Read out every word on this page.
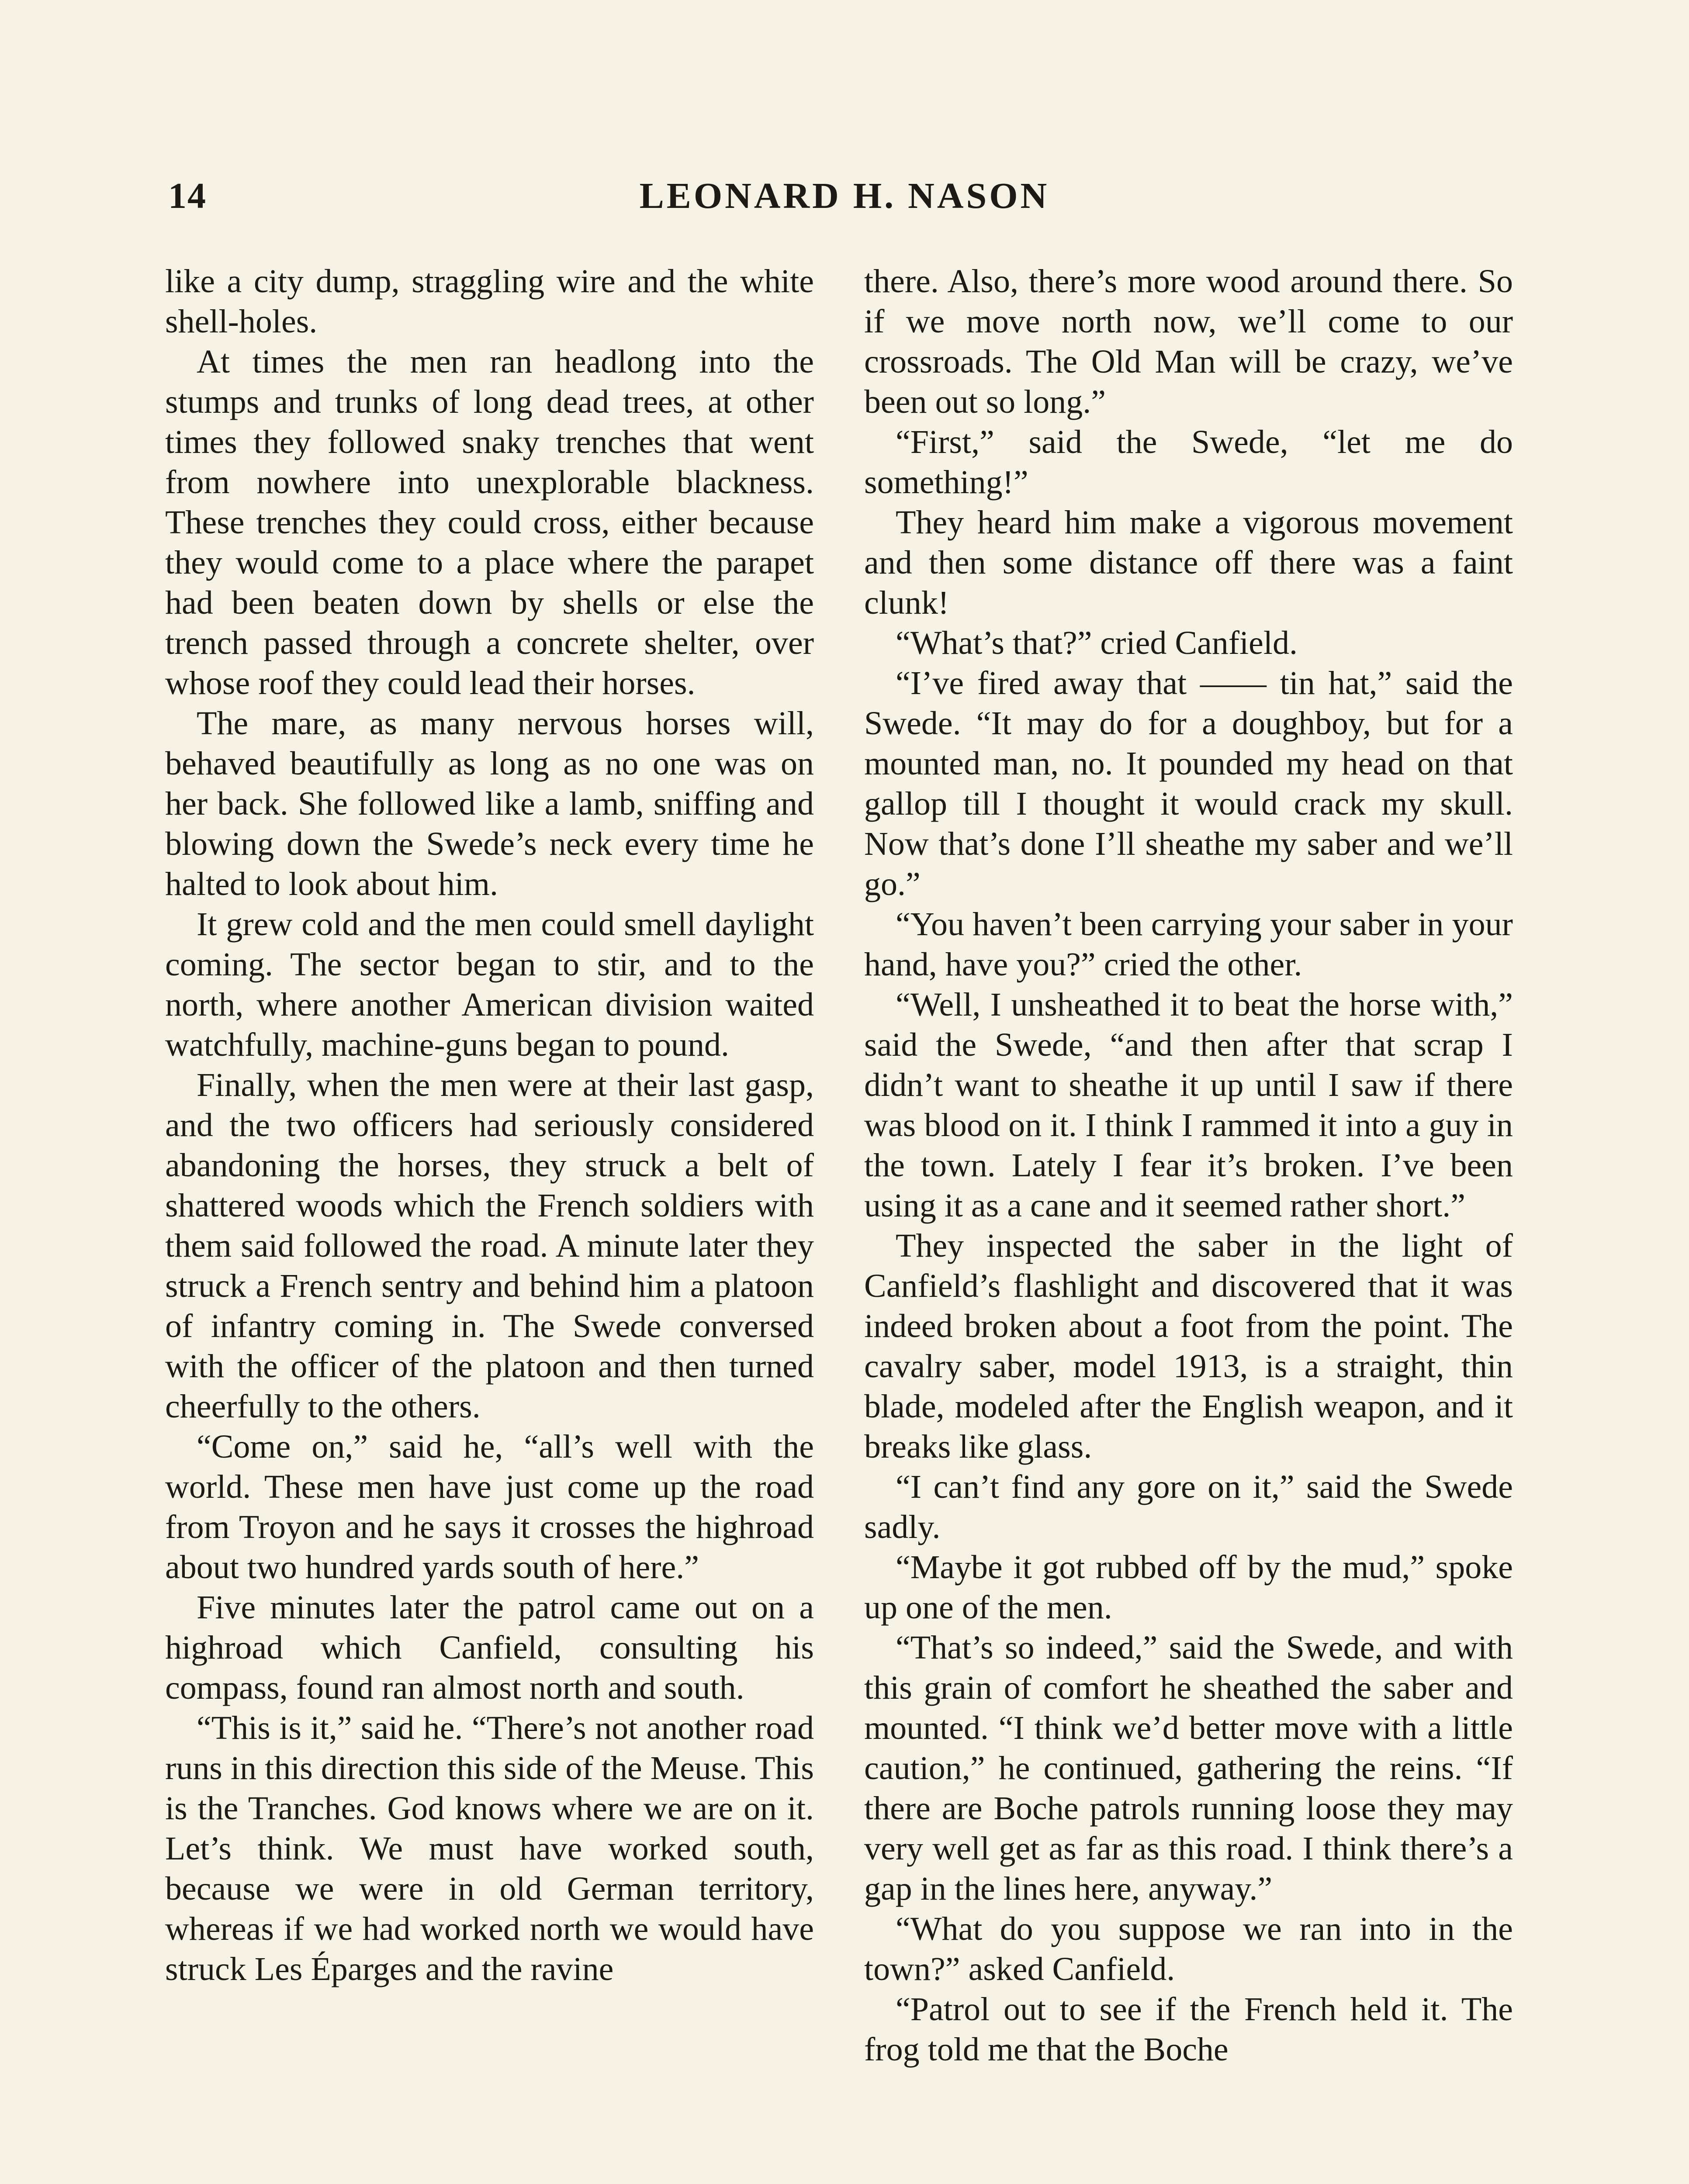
14	LEONARD H. NASON

like a city dump, straggling wire and the white shell-holes.

At times the men ran headlong into the stumps and trunks of long dead trees, at other times they followed snaky trenches that went from nowhere into unexplorable blackness. These trenches they could cross, either because they would come to a place where the parapet had been beaten down by shells or else the trench passed through a concrete shelter, over whose roof they could lead their horses.

The mare, as many nervous horses will, behaved beautifully as long as no one was on her back. She followed like a lamb, sniffing and blowing down the Swede’s neck every time he halted to look about him.

It grew cold and the men could smell daylight coming. The sector began to stir, and to the north, where another American division waited watchfully, machine-guns began to pound.

Finally, when the men were at their last gasp, and the two officers had seriously considered abandoning the horses, they struck a belt of shattered woods which the French soldiers with them said followed the road. A minute later they struck a French sentry and behind him a platoon of infantry coming in. The Swede conversed with the officer of the platoon and then turned cheerfully to the others.

“Come on,” said he, “all’s well with the world. These men have just come up the road from Troyon and he says it crosses the highroad about two hundred yards south of here.”

Five minutes later the patrol came out on a highroad which Canfield, consulting his compass, found ran almost north and south.

“This is it,” said he. “There’s not another road runs in this direction this side of the Meuse. This is the Tranches. God knows where we are on it. Let’s think. We must have worked south, because we were in old German territory, whereas if we had worked north we would have struck Les Éparges and the ravine

there. Also, there’s more wood around there. So if we move north now, we’ll come to our crossroads. The Old Man will be crazy, we’ve been out so long.”

“First,” said the Swede, “let me do something!”

They heard him make a vigorous movement and then some distance off there was a faint clunk!

“What’s that?” cried Canfield.

“I’ve fired away that —— tin hat,” said the Swede. “It may do for a doughboy, but for a mounted man, no. It pounded my head on that gallop till I thought it would crack my skull. Now that’s done I’ll sheathe my saber and we’ll go.”

“You haven’t been carrying your saber in your hand, have you?” cried the other.

“Well, I unsheathed it to beat the horse with,” said the Swede, “and then after that scrap I didn’t want to sheathe it up until I saw if there was blood on it. I think I rammed it into a guy in the town. Lately I fear it’s broken. I’ve been using it as a cane and it seemed rather short.”

They inspected the saber in the light of Canfield’s flashlight and discovered that it was indeed broken about a foot from the point. The cavalry saber, model 1913, is a straight, thin blade, modeled after the English weapon, and it breaks like glass.

“I can’t find any gore on it,” said the Swede sadly.

“Maybe it got rubbed off by the mud,” spoke up one of the men.

“That’s so indeed,” said the Swede, and with this grain of comfort he sheathed the saber and mounted. “I think we’d better move with a little caution,” he continued, gathering the reins. “If there are Boche patrols running loose they may very well get as far as this road. I think there’s a gap in the lines here, anyway.”

“What do you suppose we ran into in the town?” asked Canfield.

“Patrol out to see if the French held it. The frog told me that the Boche
